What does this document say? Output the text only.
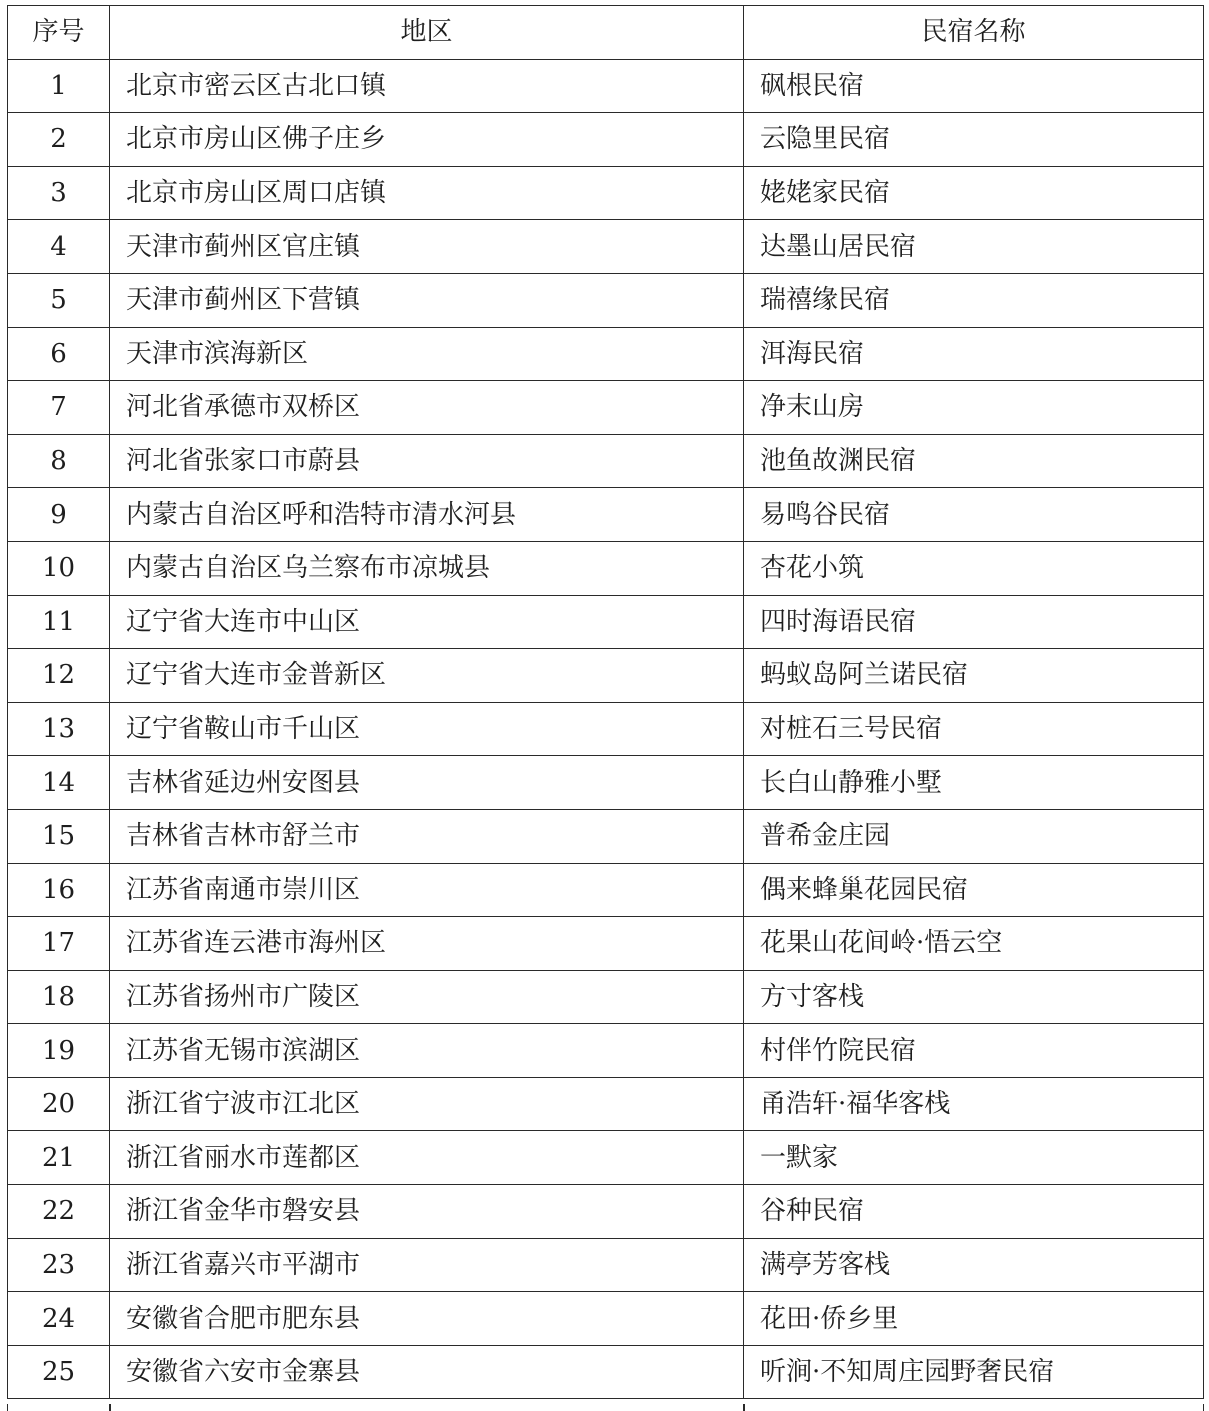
序号	地区	民宿名称
1	北京市密云区古北口镇	砜根民宿
2	北京市房山区佛子庄乡	云隐里民宿
3	北京市房山区周口店镇	姥姥家民宿
4	天津市蓟州区官庄镇	达墨山居民宿
5	天津市蓟州区下营镇	瑞禧缘民宿
6	天津市滨海新区	洱海民宿
7	河北省承德市双桥区	净末山房
8	河北省张家口市蔚县	池鱼故渊民宿
9	内蒙古自治区呼和浩特市清水河县	易鸣谷民宿
10	内蒙古自治区乌兰察布市凉城县	杏花小筑
11	辽宁省大连市中山区	四时海语民宿
12	辽宁省大连市金普新区	蚂蚁岛阿兰诺民宿
13	辽宁省鞍山市千山区	对桩石三号民宿
14	吉林省延边州安图县	长白山静雅小墅
15	吉林省吉林市舒兰市	普希金庄园
16	江苏省南通市崇川区	偶来蜂巢花园民宿
17	江苏省连云港市海州区	花果山花间岭·悟云空
18	江苏省扬州市广陵区	方寸客栈
19	江苏省无锡市滨湖区	村伴竹院民宿
20	浙江省宁波市江北区	甬浩轩·福华客栈
21	浙江省丽水市莲都区	一默家
22	浙江省金华市磐安县	谷种民宿
23	浙江省嘉兴市平湖市	满亭芳客栈
24	安徽省合肥市肥东县	花田·侨乡里
25	安徽省六安市金寨县	听涧·不知周庄园野奢民宿
